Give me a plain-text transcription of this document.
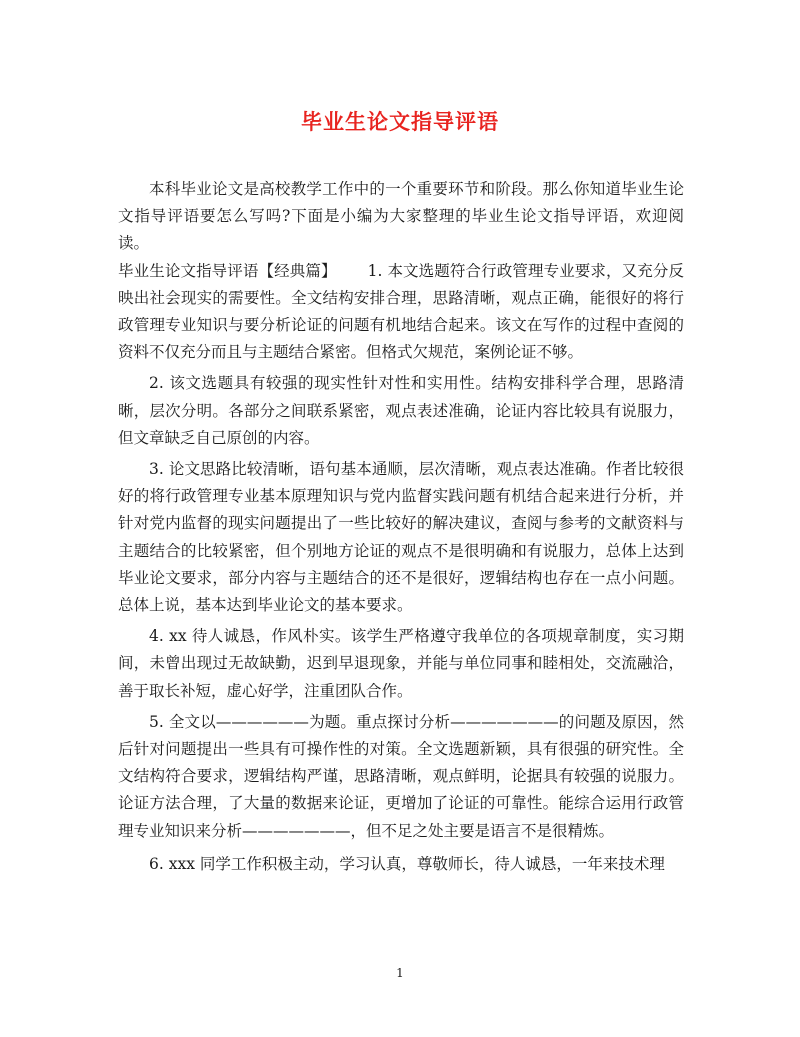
毕业生论文指导评语

本科毕业论文是高校教学工作中的一个重要环节和阶段。那么你知道毕业生论文指导评语要怎么写吗?下面是小编为大家整理的毕业生论文指导评语，欢迎阅读。

毕业生论文指导评语【经典篇】   1. 本文选题符合行政管理专业要求，又充分反映出社会现实的需要性。全文结构安排合理，思路清晰，观点正确，能很好的将行政管理专业知识与要分析论证的问题有机地结合起来。该文在写作的过程中查阅的资料不仅充分而且与主题结合紧密。但格式欠规范，案例论证不够。

2. 该文选题具有较强的现实性针对性和实用性。结构安排科学合理，思路清晰，层次分明。各部分之间联系紧密，观点表述准确，论证内容比较具有说服力，但文章缺乏自己原创的内容。

3. 论文思路比较清晰，语句基本通顺，层次清晰，观点表达准确。作者比较很好的将行政管理专业基本原理知识与党内监督实践问题有机结合起来进行分析，并针对党内监督的现实问题提出了一些比较好的解决建议，查阅与参考的文献资料与主题结合的比较紧密，但个别地方论证的观点不是很明确和有说服力，总体上达到毕业论文要求，部分内容与主题结合的还不是很好，逻辑结构也存在一点小问题。总体上说，基本达到毕业论文的基本要求。

4. xx 待人诚恳，作风朴实。该学生严格遵守我单位的各项规章制度，实习期间，未曾出现过无故缺勤，迟到早退现象，并能与单位同事和睦相处，交流融洽，善于取长补短，虚心好学，注重团队合作。

5. 全文以——————为题。重点探讨分析———————的问题及原因，然后针对问题提出一些具有可操作性的对策。全文选题新颖，具有很强的研究性。全文结构符合要求，逻辑结构严谨，思路清晰，观点鲜明，论据具有较强的说服力。论证方法合理，了大量的数据来论证，更增加了论证的可靠性。能综合运用行政管理专业知识来分析———————，但不足之处主要是语言不是很精炼。

6. xxx 同学工作积极主动，学习认真，尊敬师长，待人诚恳，一年来技术理

1
